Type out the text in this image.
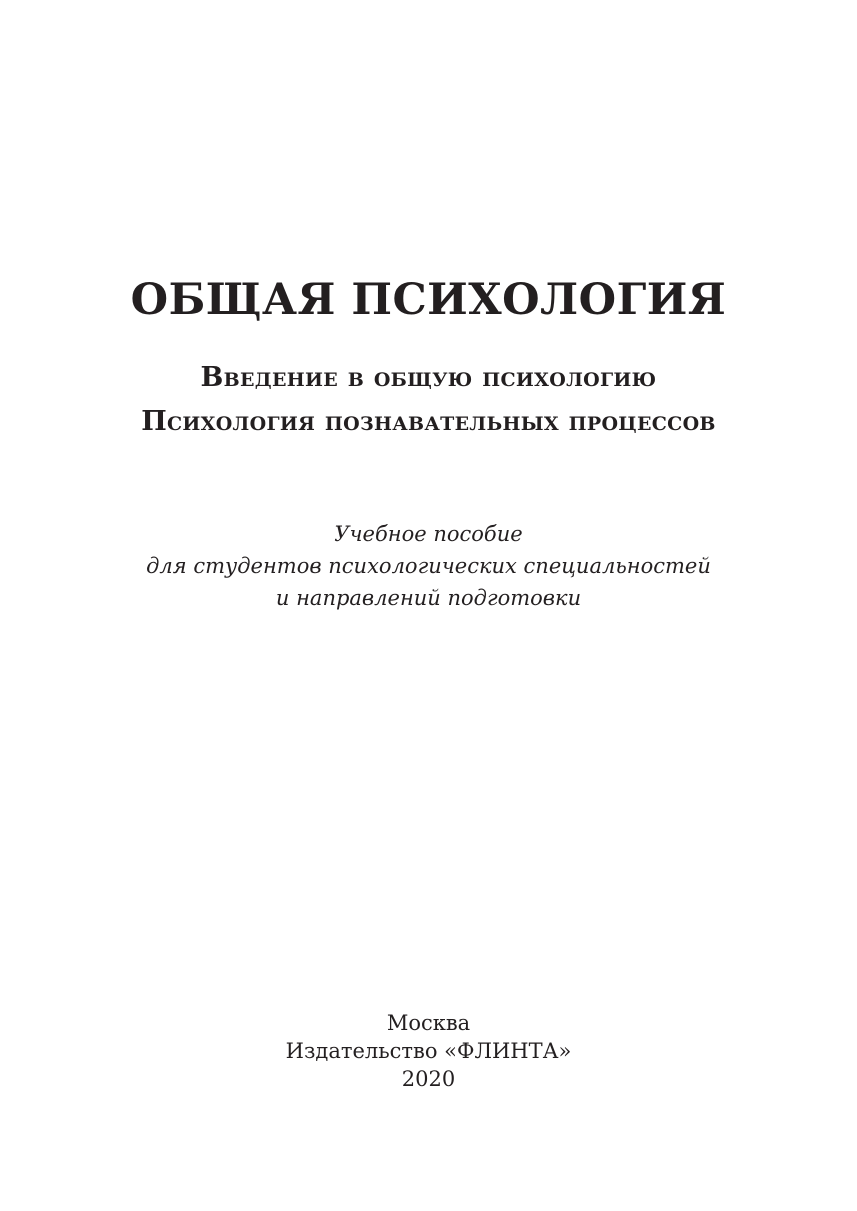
ОБЩАЯ ПСИХОЛОГИЯ
Введение в общую психологию
Психология познавательных процессов
Учебное пособие
для студентов психологических специальностей
и направлений подготовки
Москва
Издательство «ФЛИНТА»
2020
